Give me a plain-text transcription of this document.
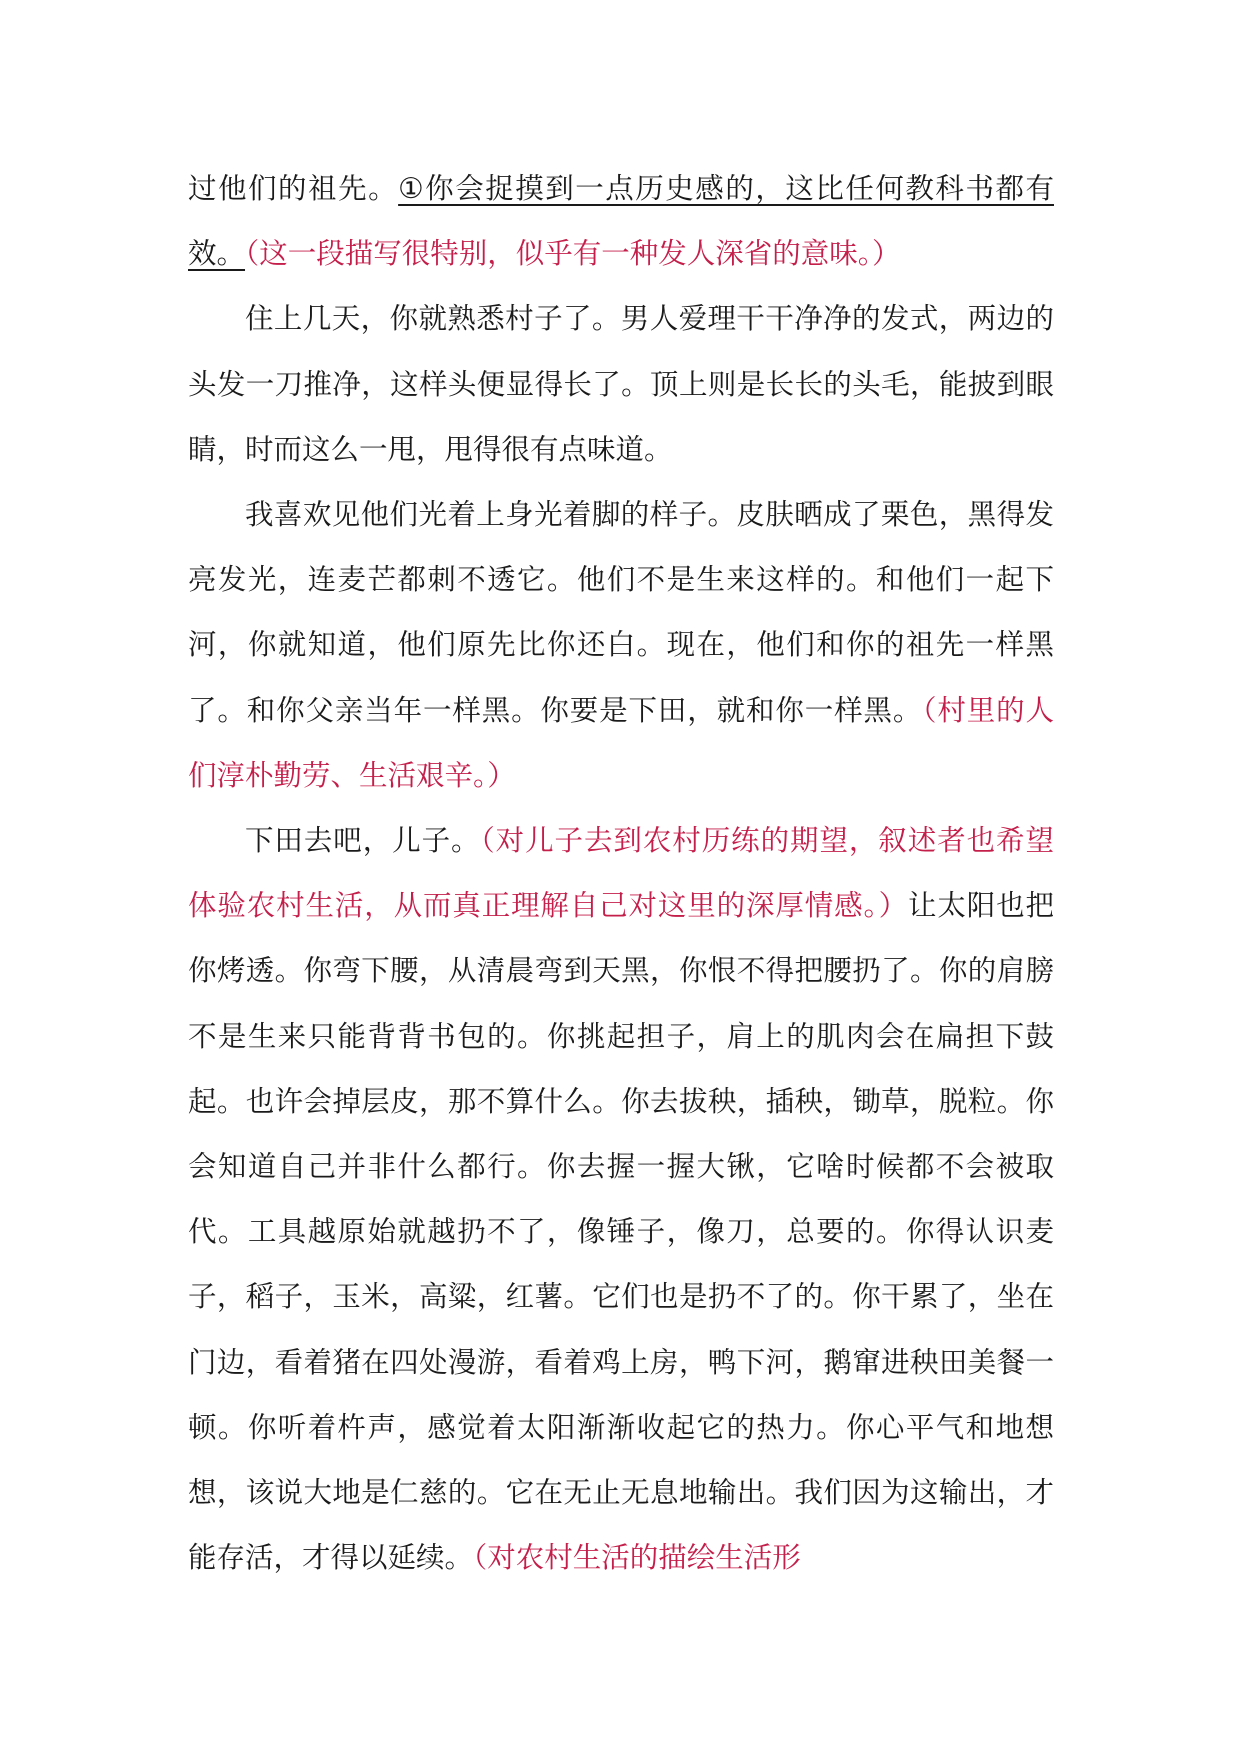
过他们的祖先。①你会捉摸到一点历史感的，这比任何教科书都有效。（这一段描写很特别，似乎有一种发人深省的意味。）

住上几天，你就熟悉村子了。男人爱理干干净净的发式，两边的头发一刀推净，这样头便显得长了。顶上则是长长的头毛，能披到眼睛，时而这么一甩，甩得很有点味道。

我喜欢见他们光着上身光着脚的样子。皮肤晒成了栗色，黑得发亮发光，连麦芒都刺不透它。他们不是生来这样的。和他们一起下河，你就知道，他们原先比你还白。现在，他们和你的祖先一样黑了。和你父亲当年一样黑。你要是下田，就和你一样黑。（村里的人们淳朴勤劳、生活艰辛。）

下田去吧，儿子。（对儿子去到农村历练的期望，叙述者也希望体验农村生活，从而真正理解自己对这里的深厚情感。）让太阳也把你烤透。你弯下腰，从清晨弯到天黑，你恨不得把腰扔了。你的肩膀不是生来只能背背书包的。你挑起担子，肩上的肌肉会在扁担下鼓起。也许会掉层皮，那不算什么。你去拔秧，插秧，锄草，脱粒。你会知道自己并非什么都行。你去握一握大锹，它啥时候都不会被取代。工具越原始就越扔不了，像锤子，像刀，总要的。你得认识麦子，稻子，玉米，高粱，红薯。它们也是扔不了的。你干累了，坐在门边，看着猪在四处漫游，看着鸡上房，鸭下河，鹅窜进秧田美餐一顿。你听着杵声，感觉着太阳渐渐收起它的热力。你心平气和地想想，该说大地是仁慈的。它在无止无息地输出。我们因为这输出，才能存活，才得以延续。（对农村生活的描绘生活形
